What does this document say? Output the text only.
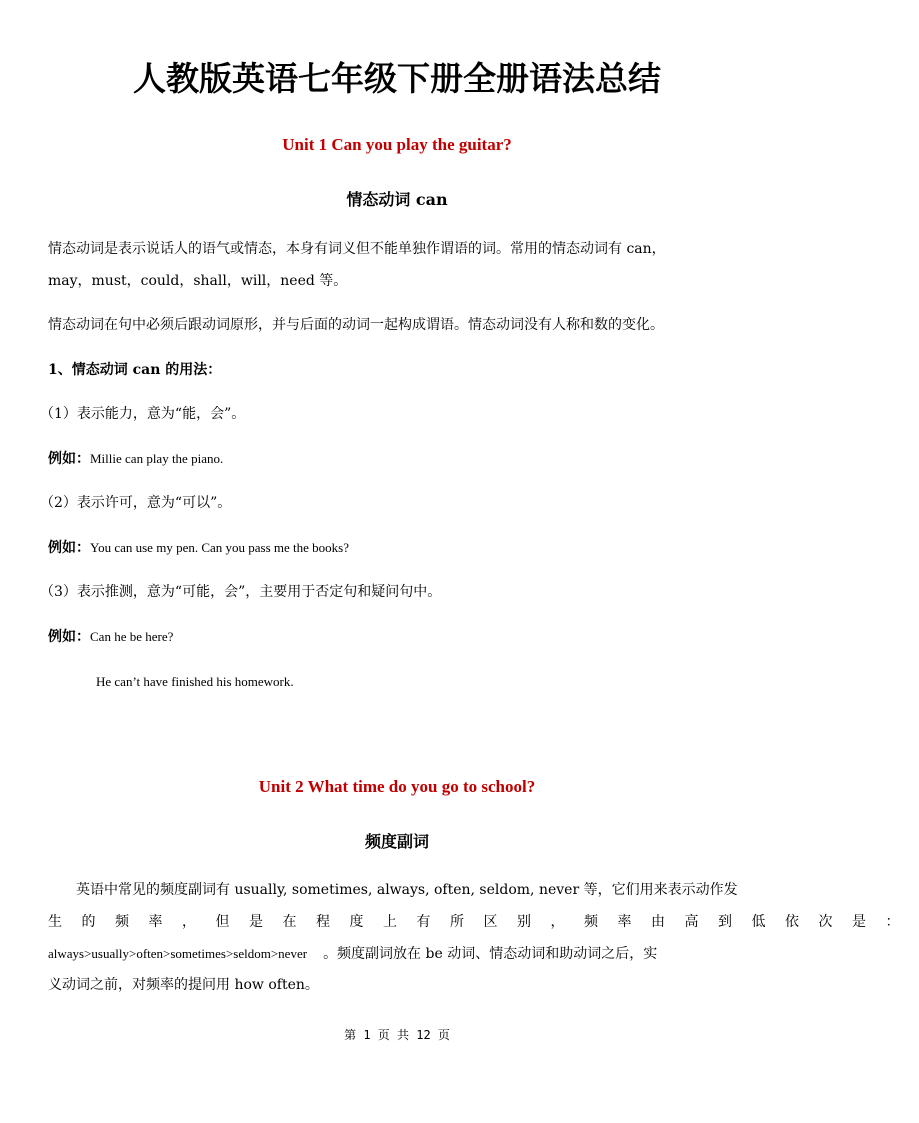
人教版英语七年级下册全册语法总结
Unit 1 Can you play the guitar?
情态动词 can
情态动词是表示说话人的语气或情态，本身有词义但不能单独作谓语的词。常用的情态动词有 can，
may，must，could，shall，will，need 等。
情态动词在句中必须后跟动词原形，并与后面的动词一起构成谓语。情态动词没有人称和数的变化。
1、情态动词 can 的用法：
（1）表示能力，意为“能，会”。
例如：Millie can play the piano.
（2）表示许可，意为“可以”。
例如：You can use my pen. Can you pass me the books?
（3）表示推测，意为“可能，会”，主要用于否定句和疑问句中。
例如：Can he be here?
He can’t have finished his homework.
Unit 2 What time do you go to school?
频度副词
英语中常见的频度副词有 usually, sometimes, always, often, seldom, never 等，它们用来表示动作发
生的频率，但是在程度上有所区别，频率由高到低依次是：
always>usually>often>sometimes>seldom>never 。频度副词放在 be 动词、情态动词和助动词之后，实
义动词之前，对频率的提问用 how often。
第 1 页 共 12 页
